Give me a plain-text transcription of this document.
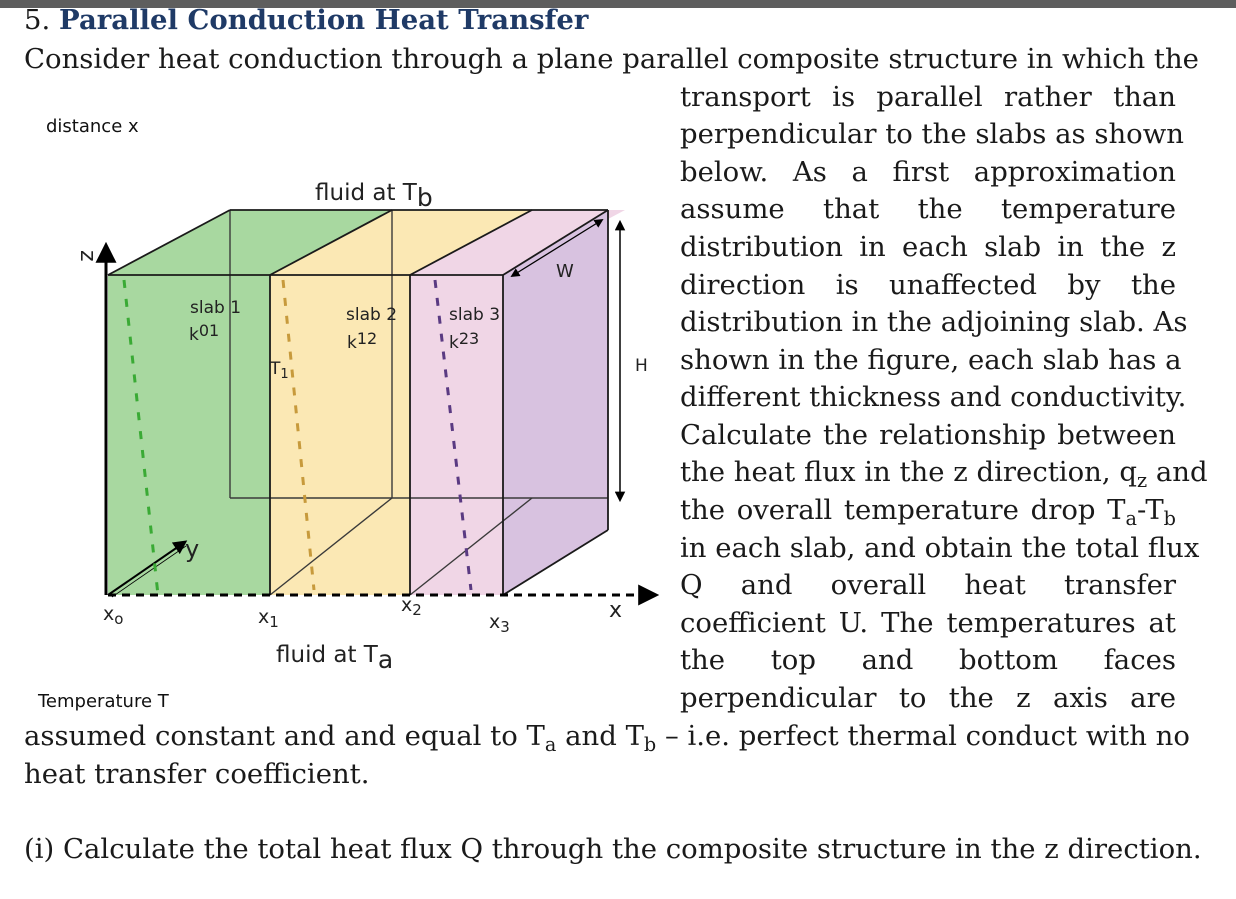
5. Parallel Conduction Heat Transfer
Consider heat conduction through a plane parallel composite structure in which the
transport is parallel rather than
perpendicular to the slabs as shown
below. As a first approximation
assume that the temperature
distribution in each slab in the z
direction is unaffected by the
distribution in the adjoining slab. As
shown in the figure, each slab has a
different thickness and conductivity.
Calculate the relationship between
the heat flux in the z direction, $q_z$ and
the overall temperature drop $T_a-T_b$
in each slab, and obtain the total flux
Q and overall heat transfer
coefficient U. The temperatures at
the top and bottom faces
perpendicular to the z axis are
assumed constant and and equal to $T_a$ and $T_b - i.e$. perfect thermal conduct with no
heat transfer coefficient.
(i) Calculate the total heat flux Q through the composite structure in the z direction.
distance x
Temperature T
z
y
x
H
W
fluid at Tb
fluid at Ta
$x_o$	$x_1$
$x_2$
$x_3$
$T_1$
slab 1
k01
slab 2
k12
slab 3
k23
